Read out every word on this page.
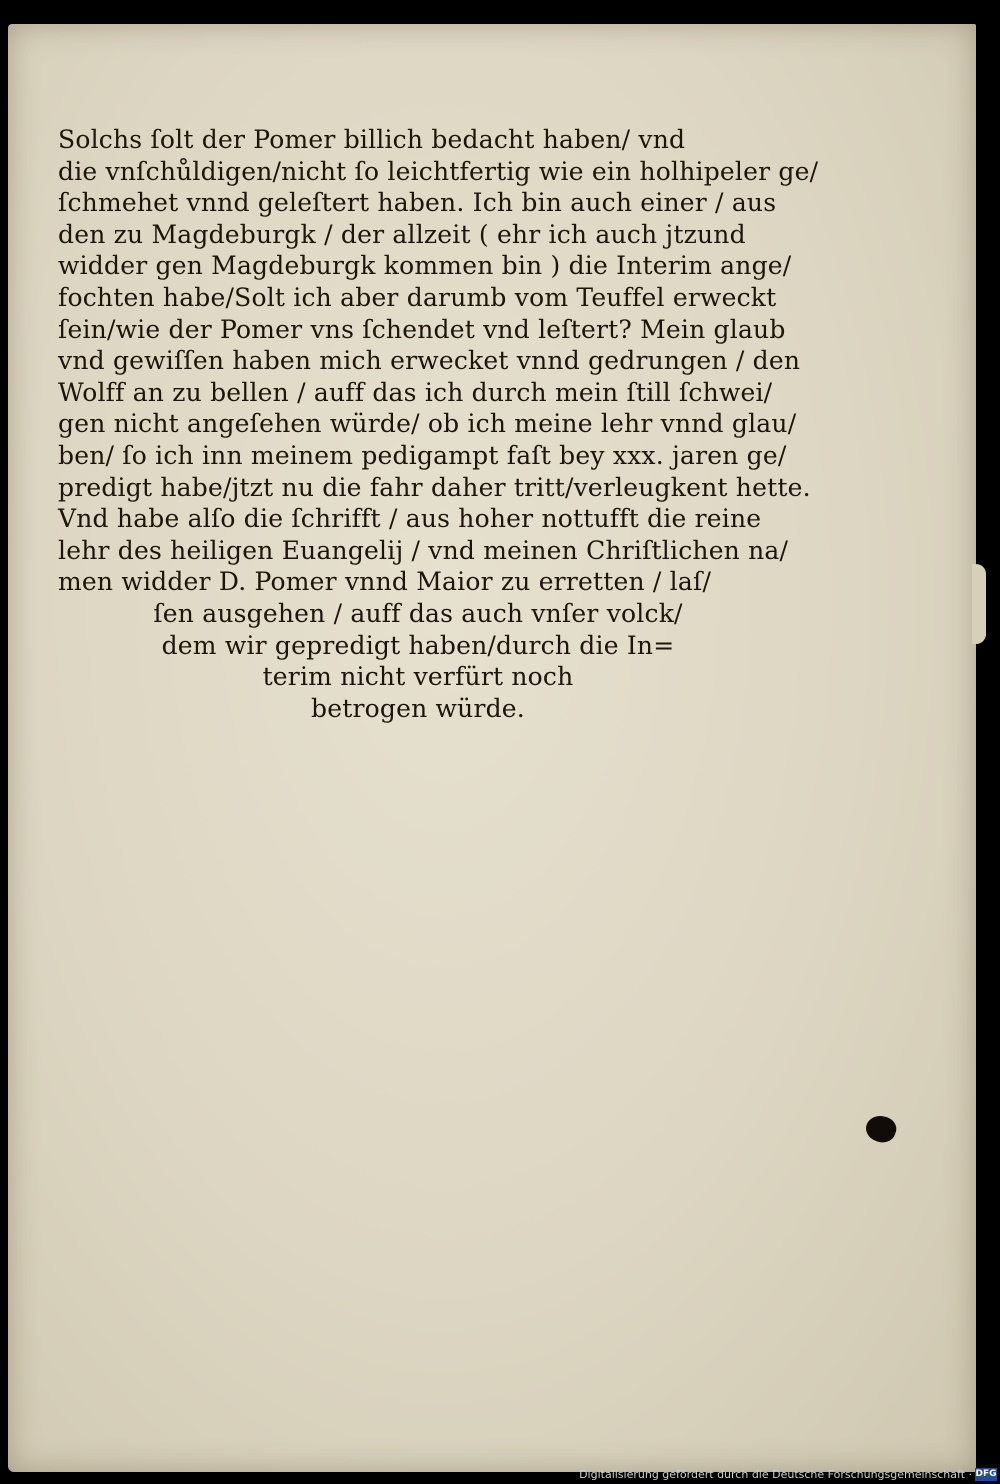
Solchs ſolt der Pomer billich bedacht haben/ vnd
die vnſchůldigen/nicht ſo leichtfertig wie ein holhipeler ge/
ſchmehet vnnd geleſtert haben. Ich bin auch einer / aus
den zu Magdeburgk / der allzeit ( ehr ich auch jtzund
widder gen Magdeburgk kommen bin ) die Interim ange/
fochten habe/Solt ich aber darumb vom Teuffel erweckt
ſein/wie der Pomer vns ſchendet vnd leſtert? Mein glaub
vnd gewiſſen haben mich erwecket vnnd gedrungen / den
Wolff an zu bellen / auff das ich durch mein ſtill ſchwei/
gen nicht angeſehen würde/ ob ich meine lehr vnnd glau/
ben/ ſo ich inn meinem pedigampt faſt bey xxx. jaren ge/
predigt habe/jtzt nu die fahr daher tritt/verleugkent hette.
Vnd habe alſo die ſchrifft / aus hoher nottufft die reine
lehr des heiligen Euangelij / vnd meinen Chriſtlichen na/
men widder D. Pomer vnnd Maior zu erretten / laſ/
ſen ausgehen / auff das auch vnſer volck/
dem wir gepredigt haben/durch die In=
terim nicht verfürt noch
betrogen würde.
Digitalisierung gefördert durch die Deutsche Forschungsgemeinschaft · DFG
